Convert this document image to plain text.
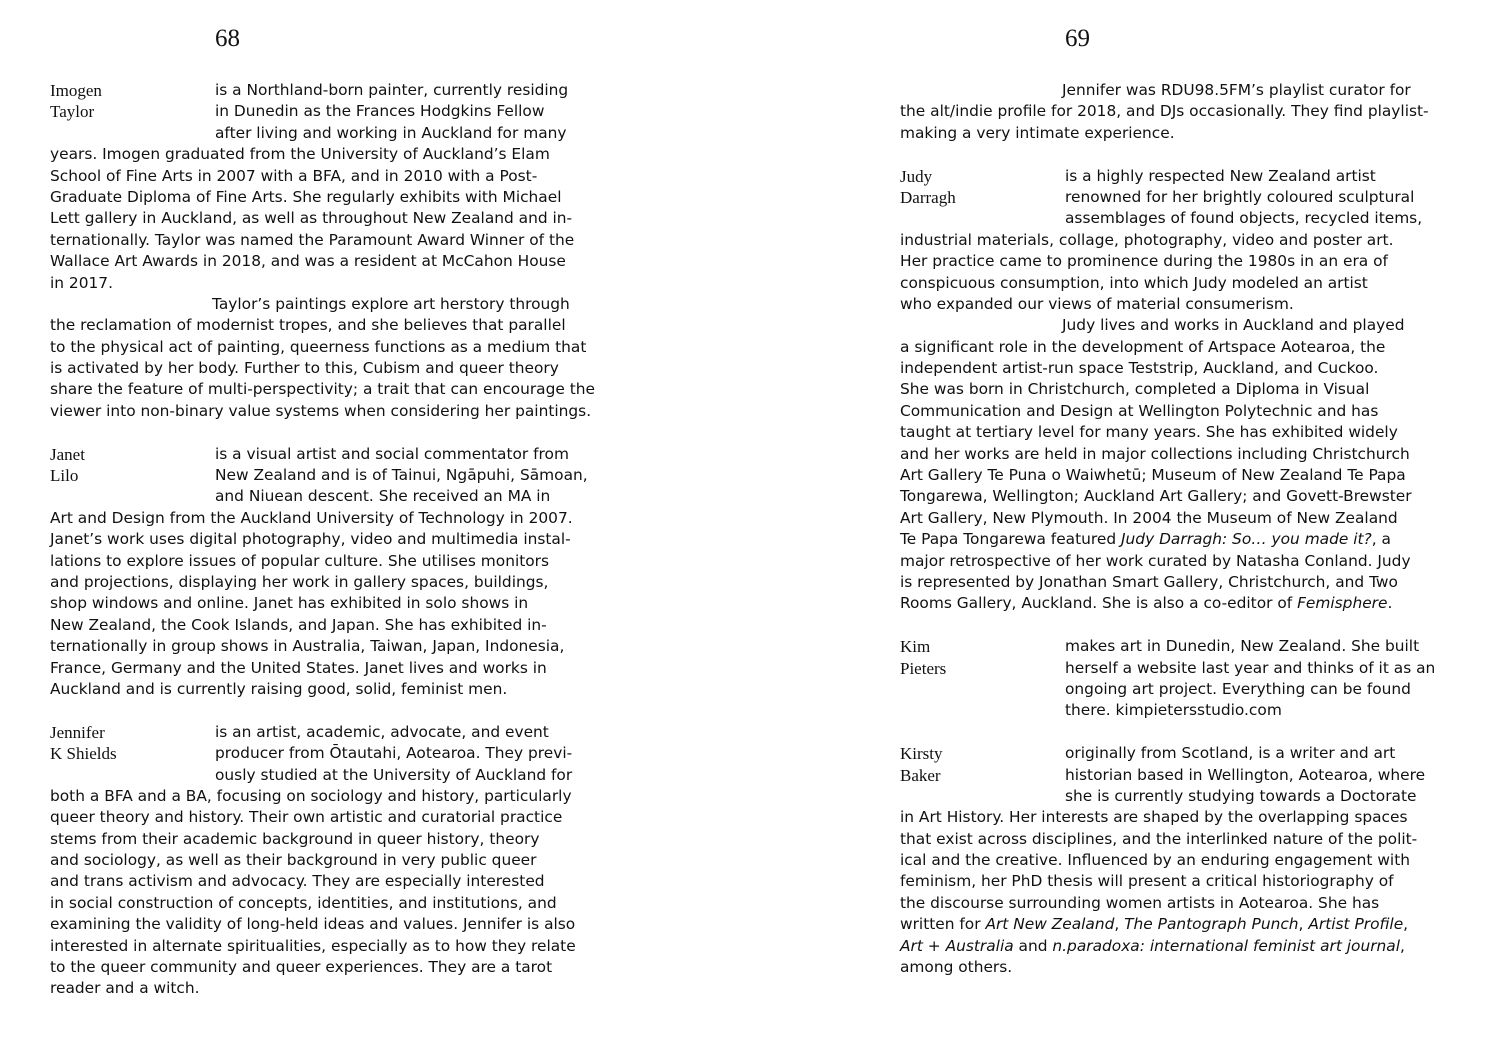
68
Imogen
Taylor
is a Northland-born painter, currently residing
in Dunedin as the Frances Hodgkins Fellow
after living and working in Auckland for many
years. Imogen graduated from the University of Auckland’s Elam
School of Fine Arts in 2007 with a BFA, and in 2010 with a Post-
Graduate Diploma of Fine Arts. She regularly exhibits with Michael
Lett gallery in Auckland, as well as throughout New Zealand and in-
ternationally. Taylor was named the Paramount Award Winner of the
Wallace Art Awards in 2018, and was a resident at McCahon House
in 2017.
Taylor’s paintings explore art herstory through
the reclamation of modernist tropes, and she believes that parallel
to the physical act of painting, queerness functions as a medium that
is activated by her body. Further to this, Cubism and queer theory
share the feature of multi-perspectivity; a trait that can encourage the
viewer into non-binary value systems when considering her paintings.
Janet
Lilo
is a visual artist and social commentator from
New Zealand and is of Tainui, Ngāpuhi, Sāmoan,
and Niuean descent. She received an MA in
Art and Design from the Auckland University of Technology in 2007.
Janet’s work uses digital photography, video and multimedia instal-
lations to explore issues of popular culture. She utilises monitors
and projections, displaying her work in gallery spaces, buildings,
shop windows and online. Janet has exhibited in solo shows in
New Zealand, the Cook Islands, and Japan. She has exhibited in-
ternationally in group shows in Australia, Taiwan, Japan, Indonesia,
France, Germany and the United States. Janet lives and works in
Auckland and is currently raising good, solid, feminist men.
Jennifer
K Shields
is an artist, academic, advocate, and event
producer from Ōtautahi, Aotearoa. They previ-
ously studied at the University of Auckland for
both a BFA and a BA, focusing on sociology and history, particularly
queer theory and history. Their own artistic and curatorial practice
stems from their academic background in queer history, theory
and sociology, as well as their background in very public queer
and trans activism and advocacy. They are especially interested
in social construction of concepts, identities, and institutions, and
examining the validity of long-held ideas and values. Jennifer is also
interested in alternate spiritualities, especially as to how they relate
to the queer community and queer experiences. They are a tarot
reader and a witch.
69
Jennifer was RDU98.5FM’s playlist curator for
the alt/indie profile for 2018, and DJs occasionally. They find playlist-
making a very intimate experience.
Judy
Darragh
is a highly respected New Zealand artist
renowned for her brightly coloured sculptural
assemblages of found objects, recycled items,
industrial materials, collage, photography, video and poster art.
Her practice came to prominence during the 1980s in an era of
conspicuous consumption, into which Judy modeled an artist
who expanded our views of material consumerism.
Judy lives and works in Auckland and played
a significant role in the development of Artspace Aotearoa, the
independent artist-run space Teststrip, Auckland, and Cuckoo.
She was born in Christchurch, completed a Diploma in Visual
Communication and Design at Wellington Polytechnic and has
taught at tertiary level for many years. She has exhibited widely
and her works are held in major collections including Christchurch
Art Gallery Te Puna o Waiwhetū; Museum of New Zealand Te Papa
Tongarewa, Wellington; Auckland Art Gallery; and Govett-Brewster
Art Gallery, New Plymouth. In 2004 the Museum of New Zealand
Te Papa Tongarewa featured Judy Darragh: So… you made it?, a
major retrospective of her work curated by Natasha Conland. Judy
is represented by Jonathan Smart Gallery, Christchurch, and Two
Rooms Gallery, Auckland. She is also a co-editor of Femisphere.
Kim
Pieters
makes art in Dunedin, New Zealand. She built
herself a website last year and thinks of it as an
ongoing art project. Everything can be found
there. kimpietersstudio.com
Kirsty
Baker
originally from Scotland, is a writer and art
historian based in Wellington, Aotearoa, where
she is currently studying towards a Doctorate
in Art History. Her interests are shaped by the overlapping spaces
that exist across disciplines, and the interlinked nature of the polit-
ical and the creative. Influenced by an enduring engagement with
feminism, her PhD thesis will present a critical historiography of
the discourse surrounding women artists in Aotearoa. She has
written for Art New Zealand, The Pantograph Punch, Artist Profile,
Art + Australia and n.paradoxa: international feminist art journal,
among others.
